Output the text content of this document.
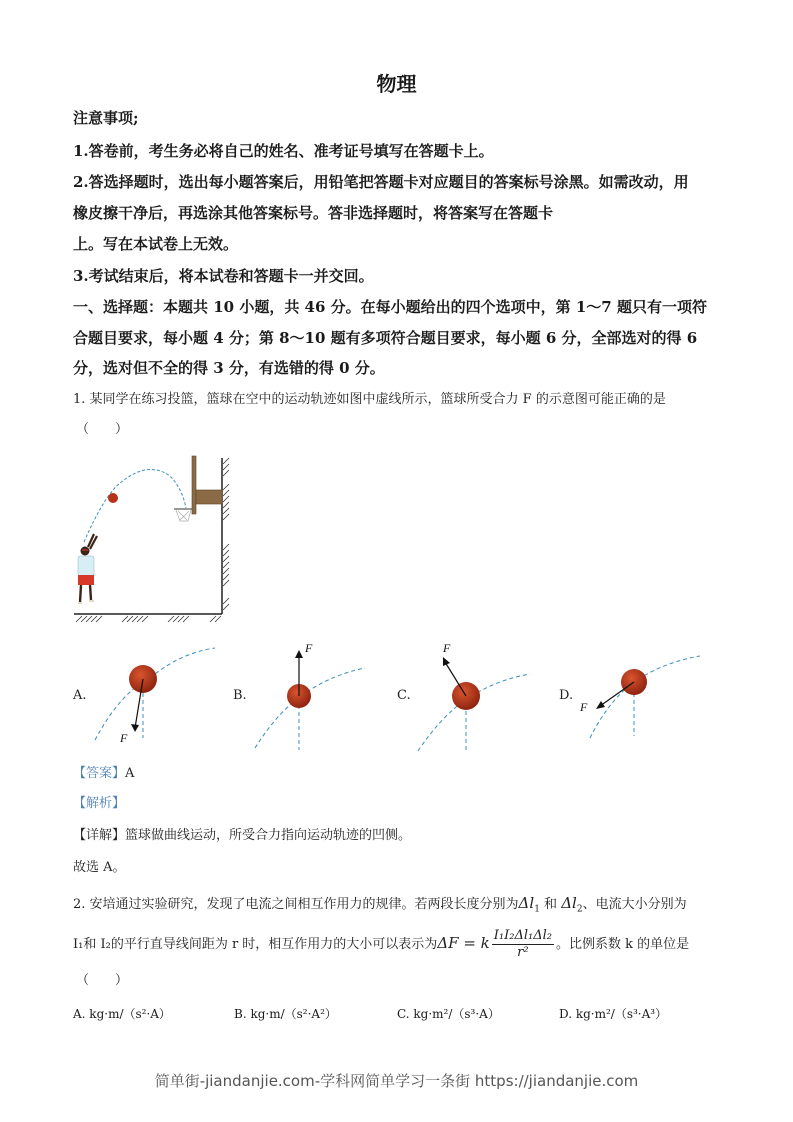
物理
注意事项;
1.答卷前，考生务必将自己的姓名、准考证号填写在答题卡上。
2.答选择题时，选出每小题答案后，用铅笔把答题卡对应题目的答案标号涂黑。如需改动，用
橡皮擦干净后，再选涂其他答案标号。答非选择题时，将答案写在答题卡
上。写在本试卷上无效。
3.考试结束后，将本试卷和答题卡一并交回。
一、选择题：本题共 10 小题，共 46 分。在每小题给出的四个选项中，第 1～7 题只有一项符
合题目要求，每小题 4 分；第 8～10 题有多项符合题目要求，每小题 6 分，全部选对的得 6
分，选对但不全的得 3 分，有选错的得 0 分。
1. 某同学在练习投篮，篮球在空中的运动轨迹如图中虚线所示，篮球所受合力 F 的示意图可能正确的是
（　　）
A.
F
B.
F
C.
F
D.
F
【答案】A
【解析】
【详解】篮球做曲线运动，所受合力指向运动轨迹的凹侧。
故选 A。
2. 安培通过实验研究，发现了电流之间相互作用力的规律。若两段长度分别为$\Delta l_1$ 和 $\Delta l_2$、电流大小分别为
I₁和 I₂的平行直导线间距为 r 时，相互作用力的大小可以表示为ΔF = k $\frac{\text{I₁I₂Δl₁Δl₂}}{\text{r²}}$ 。比例系数 k 的单位是
（　　）
A. kg·m/（s²·A）	B. kg·m/（s²·A²）	C. kg·m²/（s³·A）	D. kg·m²/（s³·A³）
简单街-jiandanjie.com-学科网简单学习一条街 https://jiandanjie.com
